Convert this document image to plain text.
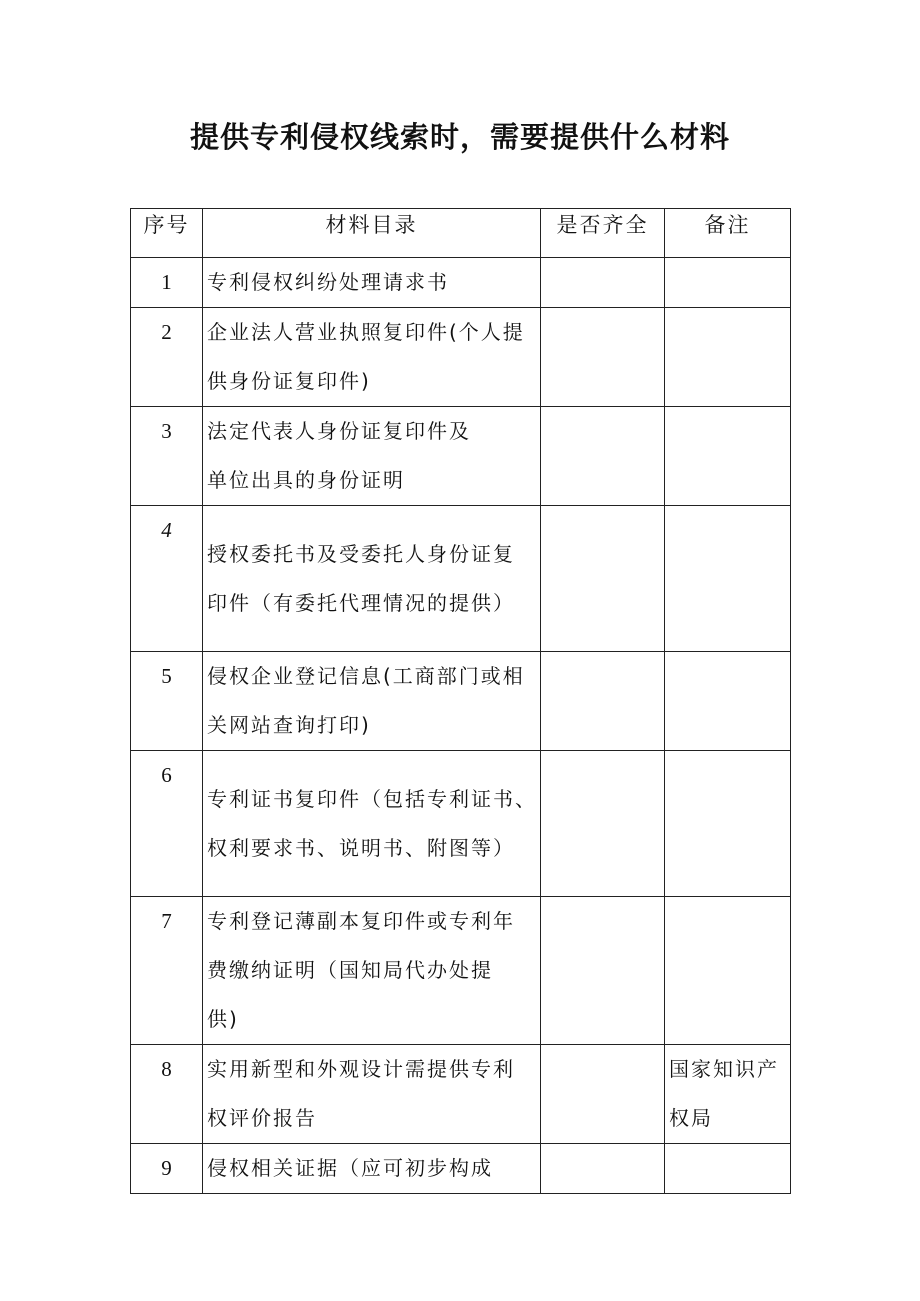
提供专利侵权线索时，需要提供什么材料
序号	材料目录	是否齐全	备注
1	专利侵权纠纷处理请求书		

2	企业法人营业执照复印件(个人提
供身份证复印件)		

3	法定代表人身份证复印件及
单位出具的身份证明		

4	授权委托书及受委托人身份证复
印件（有委托代理情况的提供）		

5	侵权企业登记信息(工商部门或相
关网站查询打印)		

6	专利证书复印件（包括专利证书、
权利要求书、说明书、附图等）		

7	专利登记薄副本复印件或专利年
费缴纳证明（国知局代办处提
供)		

8	实用新型和外观设计需提供专利
权评价报告		国家知识产
权局

9	侵权相关证据（应可初步构成		
